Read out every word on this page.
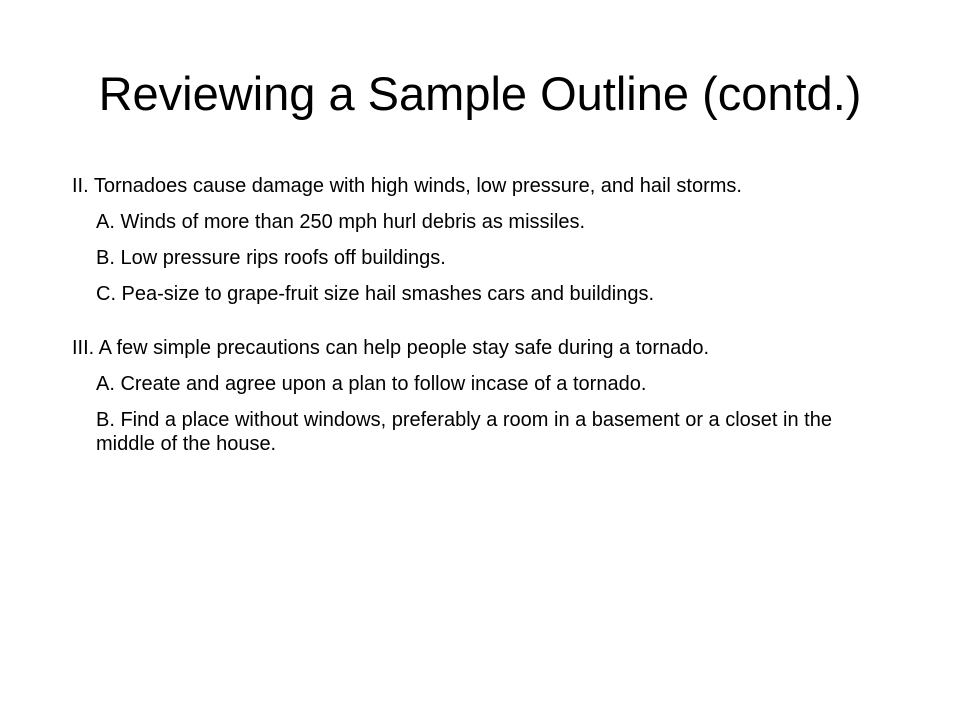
Reviewing a Sample Outline (contd.)

II. Tornadoes cause damage with high winds, low pressure, and hail storms.

A. Winds of more than 250 mph hurl debris as missiles.

B. Low pressure rips roofs off buildings.

C. Pea-size to grape-fruit size hail smashes cars and buildings.

III. A few simple precautions can help people stay safe during a tornado.

A. Create and agree upon a plan to follow incase of a tornado.

B. Find a place without windows, preferably a room in a basement or a closet in the middle of the house.
